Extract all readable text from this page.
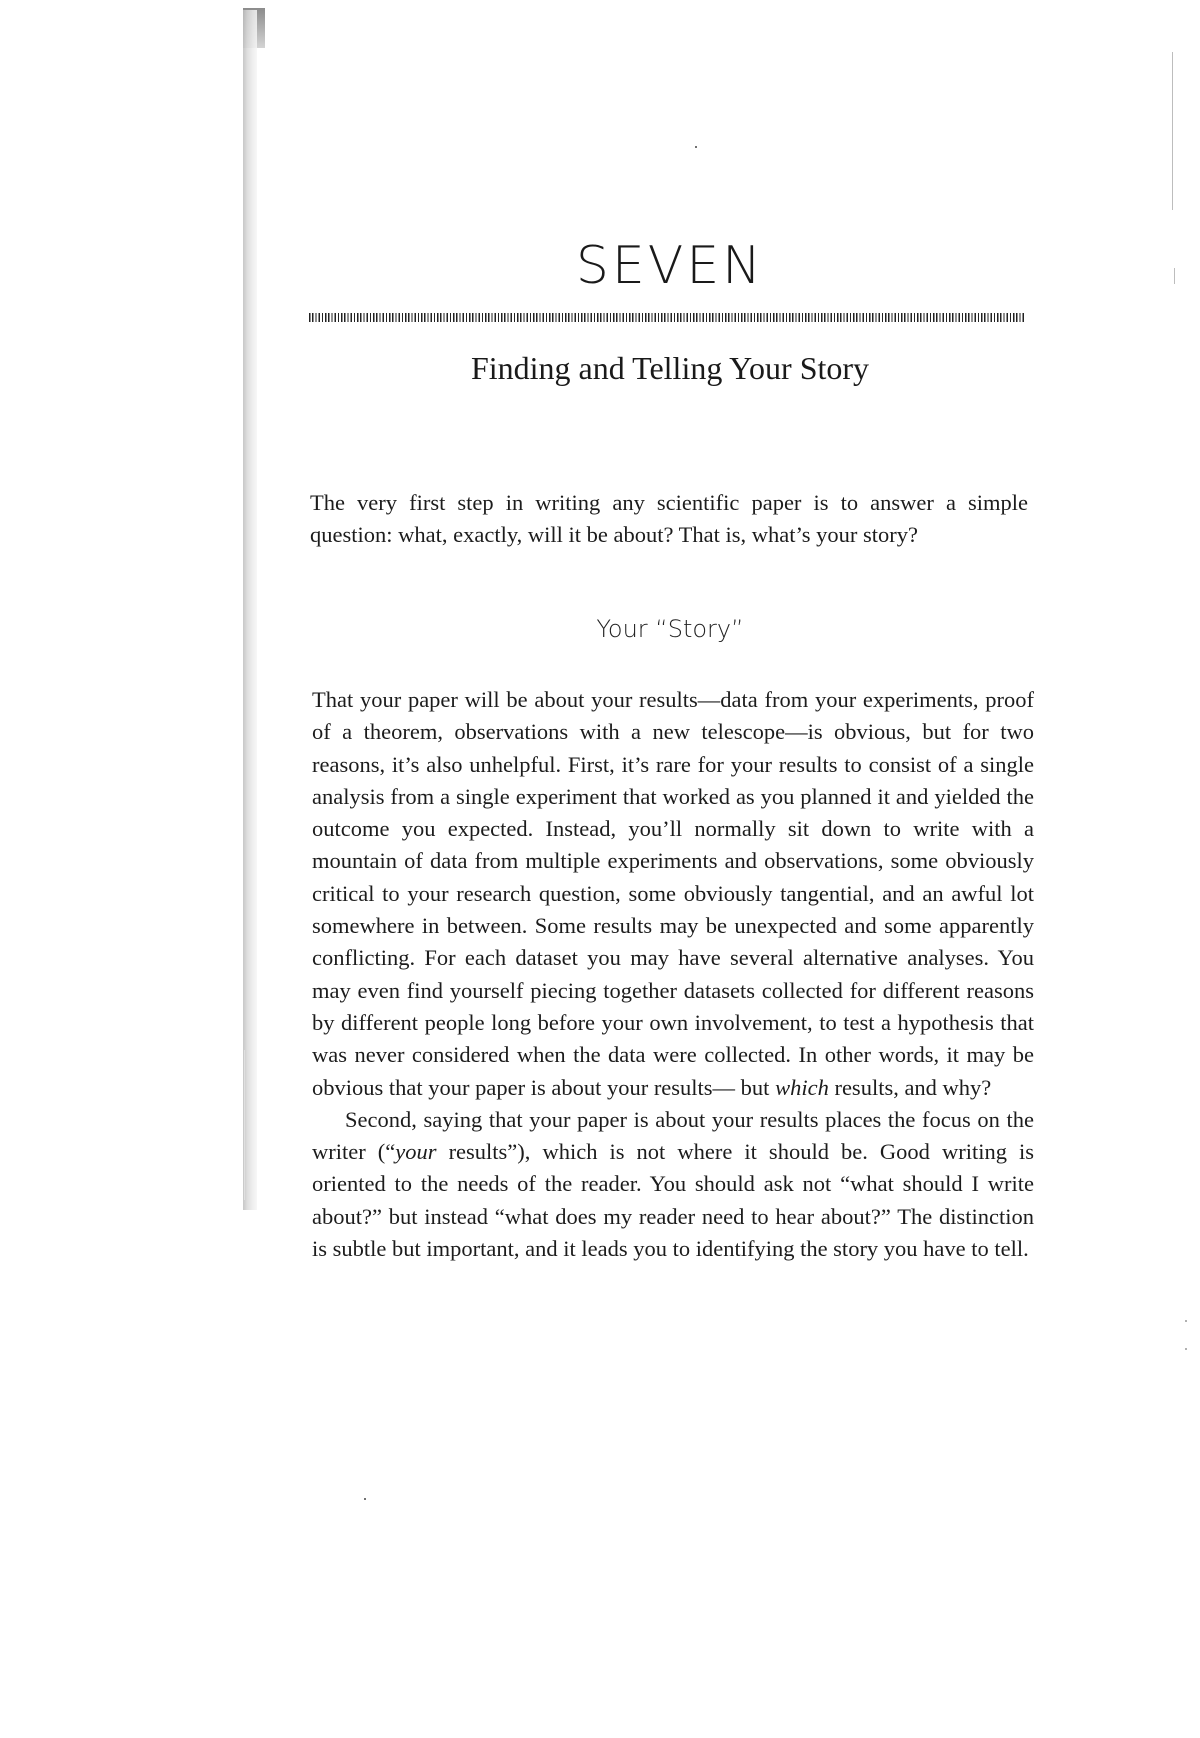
SEVEN
Finding and Telling Your Story
The very first step in writing any scientific paper is to answer a simple question: what, exactly, will it be about? That is, what’s your story?
Your “Story”

That your paper will be about your results—data from your experiments, proof of a theorem, observations with a new telescope—is obvious, but for two reasons, it’s also unhelpful. First, it’s rare for your results to consist of a single analysis from a single experiment that worked as you planned it and yielded the outcome you expected. Instead, you’ll normally sit down to write with a mountain of data from multiple experiments and observations, some obviously critical to your research question, some obviously tangential, and an awful lot somewhere in between. Some results may be unexpected and some apparently conflicting. For each dataset you may have several alternative analyses. You may even find yourself piecing together datasets collected for different reasons by different people long before your own involvement, to test a hypothesis that was never considered when the data were collected. In other words, it may be obvious that your paper is about your results— but which results, and why?

Second, saying that your paper is about your results places the focus on the writer (“your results”), which is not where it should be. Good writing is oriented to the needs of the reader. You should ask not “what should I write about?” but instead “what does my reader need to hear about?” The distinction is subtle but important, and it leads you to identifying the story you have to tell.
